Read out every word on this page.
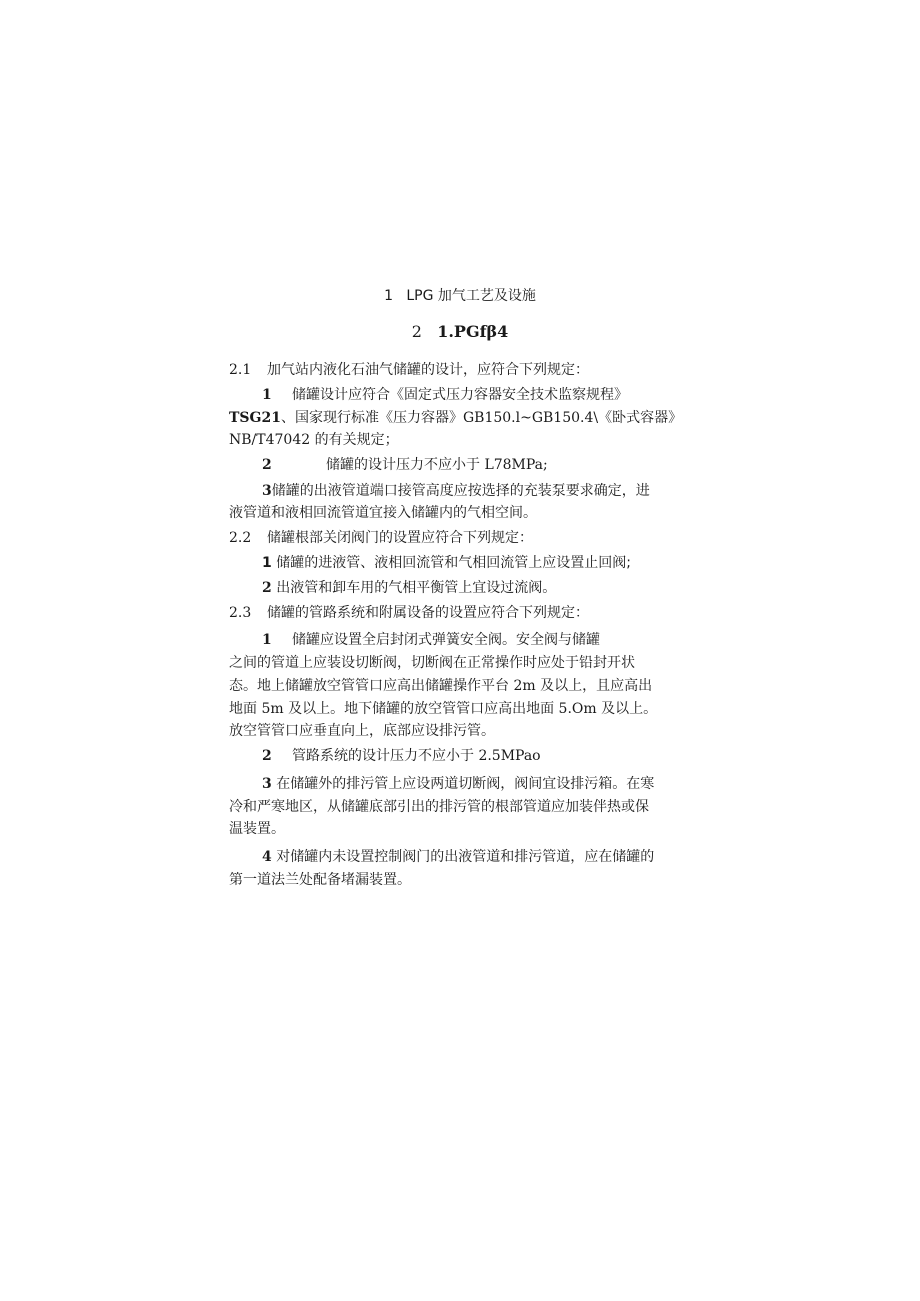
1 LPG 加气工艺及设施
2 1.PGfβ4
2.1 加气站内液化石油气储罐的设计，应符合下列规定：
1 储罐设计应符合《固定式压力容器安全技术监察规程》
TSG21、国家现行标准《压力容器》GB150.l~GB150.4\《卧式容器》
NB/T47042 的有关规定；
2	储罐的设计压力不应小于 L78MPa;
3储罐的出液管道端口接管高度应按选择的充装泵要求确定，进
液管道和液相回流管道宜接入储罐内的气相空间。
2.2 储罐根部关闭阀门的设置应符合下列规定：
1 储罐的进液管、液相回流管和气相回流管上应设置止回阀;
2 出液管和卸车用的气相平衡管上宜设过流阀。
2.3 储罐的管路系统和附属设备的设置应符合下列规定：
1 储罐应设置全启封闭式弹簧安全阀。安全阀与储罐
之间的管道上应装设切断阀，切断阀在正常操作时应处于铅封开状
态。地上储罐放空管管口应高出储罐操作平台 2m 及以上，且应高出
地面 5m 及以上。地下储罐的放空管管口应高出地面 5.Om 及以上。
放空管管口应垂直向上，底部应设排污管。
2 管路系统的设计压力不应小于 2.5MPao
3 在储罐外的排污管上应设两道切断阀，阀间宜设排污箱。在寒
冷和严寒地区，从储罐底部引出的排污管的根部管道应加装伴热或保
温装置。
4 对储罐内未设置控制阀门的出液管道和排污管道，应在储罐的
第一道法兰处配备堵漏装置。
